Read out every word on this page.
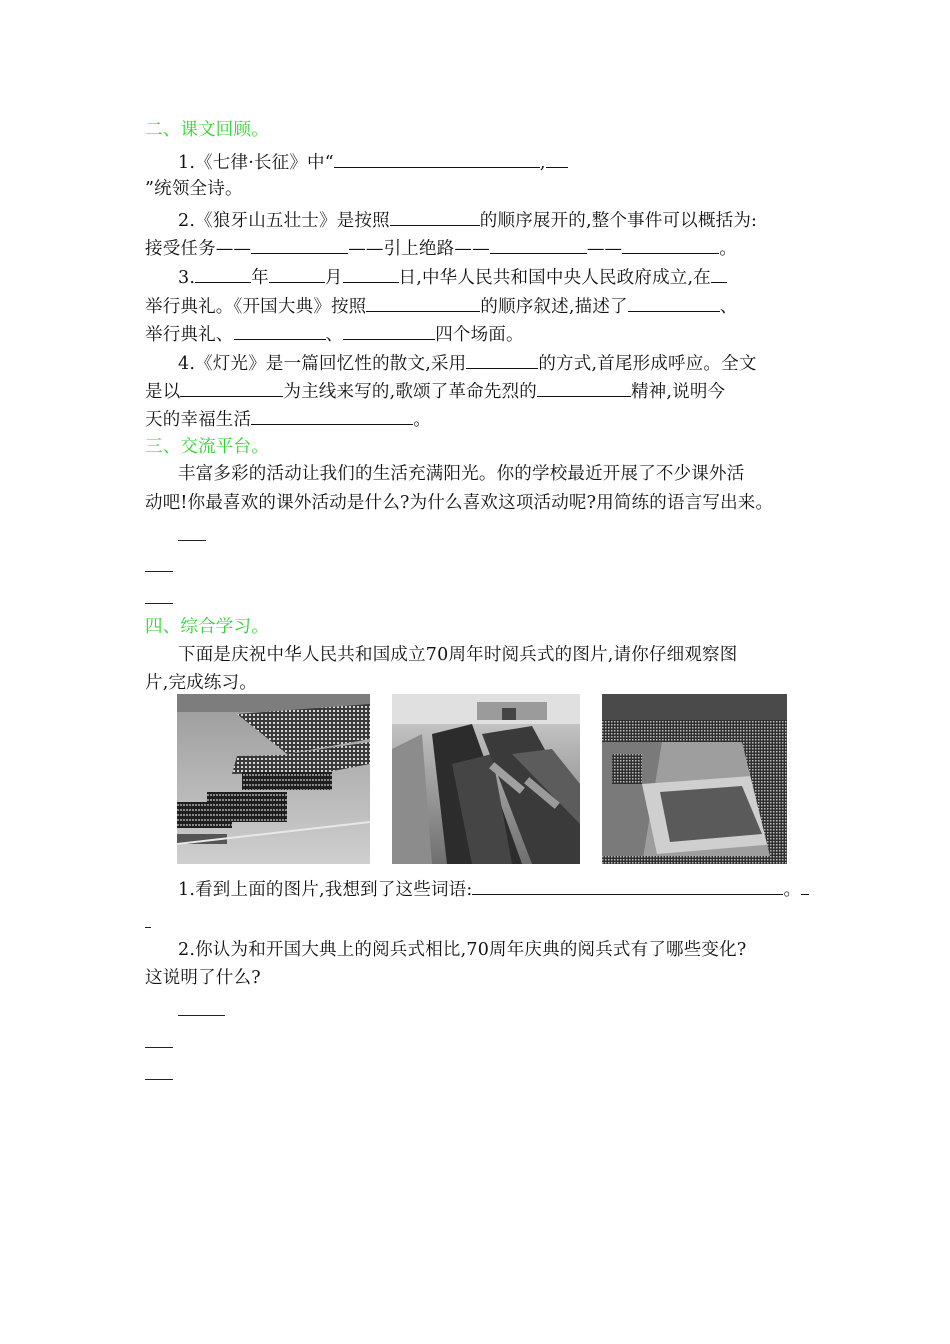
二、课文回顾。
1.《七律·长征》中“	,
”统领全诗。
2.《狼牙山五壮士》是按照	的顺序展开的,整个事件可以概括为:
接受任务——	——引上绝路——	——	。
3.	年	月	日,中华人民共和国中央人民政府成立,在
举行典礼。《开国大典》按照	的顺序叙述,描述了	、
举行典礼、	、	四个场面。
4.《灯光》是一篇回忆性的散文,采用	的方式,首尾形成呼应。全文
是以	为主线来写的,歌颂了革命先烈的	精神,说明今
天的幸福生活	。
三、交流平台。
丰富多彩的活动让我们的生活充满阳光。你的学校最近开展了不少课外活
动吧!你最喜欢的课外活动是什么?为什么喜欢这项活动呢?用简练的语言写出来。
四、综合学习。
下面是庆祝中华人民共和国成立70周年时阅兵式的图片,请你仔细观察图
片,完成练习。
1.看到上面的图片,我想到了这些词语:	。
2.你认为和开国大典上的阅兵式相比,70周年庆典的阅兵式有了哪些变化?
这说明了什么?
